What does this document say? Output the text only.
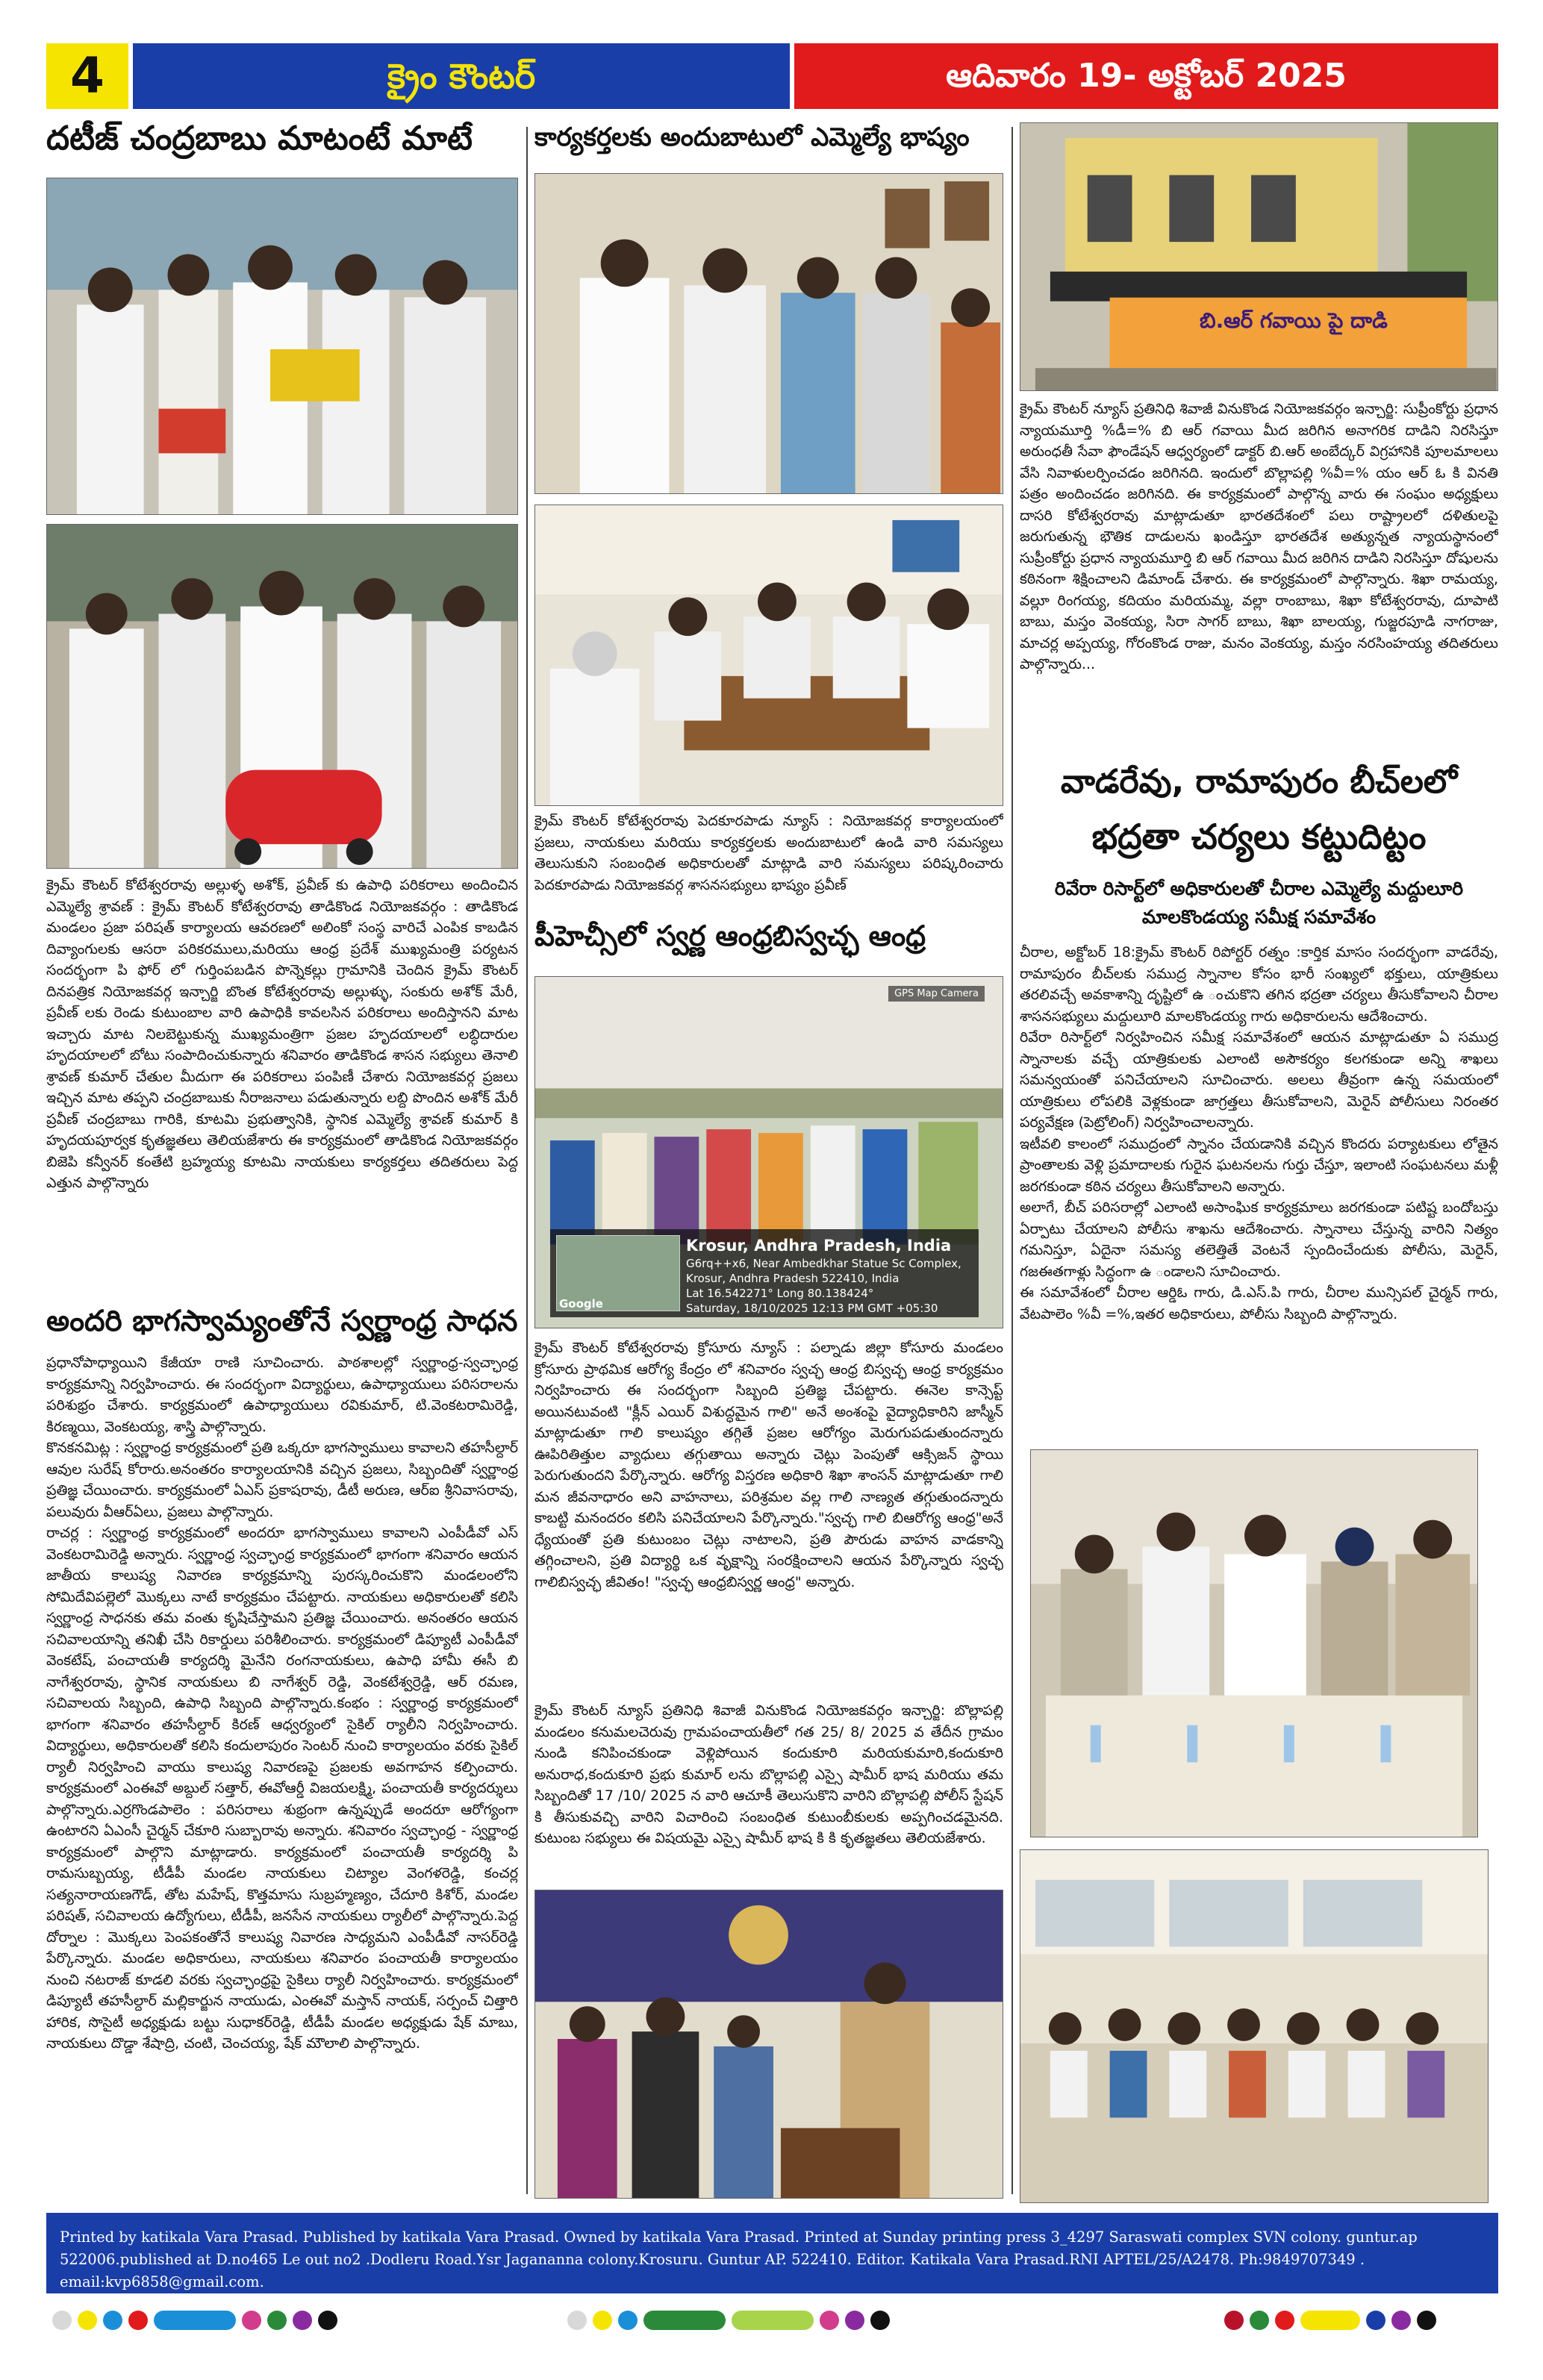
4	క్రైం కౌంటర్	ఆదివారం 19- అక్టోబర్ 2025
దటీజ్ చంద్రబాబు మాటంటే మాటే

క్రైమ్ కౌంటర్ కోటేశ్వరరావు అల్లుళ్ళ అశోక్, ప్రవీణ్ కు ఉపాధి పరికరాలు అందించిన ఎమ్మెల్యే శ్రావణ్ : క్రైమ్ కౌంటర్ కోటేశ్వరరావు తాడికొండ నియోజకవర్గం : తాడికొండ మండలం ప్రజా పరిషత్ కార్యాలయ ఆవరణలో అలింకో సంస్థ వారిచే ఎంపిక కాబడిన దివ్యాంగులకు ఆసరా పరికరములు,మరియు ఆంధ్ర ప్రదేశ్ ముఖ్యమంత్రి పర్యటన సందర్భంగా పి ఫోర్ లో గుర్తింపబడిన పొన్నెకల్లు గ్రామానికి చెందిన క్రైమ్ కౌంటర్ దినపత్రిక నియోజకవర్గ ఇన్చార్జి బొంత కోటేశ్వరరావు అల్లుళ్ళు, సంకురు అశోక్ మేరీ, ప్రవీణ్ లకు రెండు కుటుంబాల వారి ఉపాధికి కావలసిన పరికరాలు అందిస్తానని మాట ఇచ్చారు మాట నిలబెట్టుకున్న ముఖ్యమంత్రిగా ప్రజల హృదయాలలో లబ్ధిదారుల హృదయాలలో బోటు సంపాదించుకున్నారు శనివారం తాడికొండ శాసన సభ్యులు తెనాలి శ్రావణ్ కుమార్ చేతుల మీదుగా ఈ పరికరాలు పంపిణీ చేశారు నియోజకవర్గ ప్రజలు ఇచ్చిన మాట తప్పని చంద్రబాబుకు నీరాజనాలు పడుతున్నారు లబ్ది పొందిన అశోక్ మేరీ ప్రవీణ్ చంద్రబాబు గారికి, కూటమి ప్రభుత్వానికి, స్థానిక ఎమ్మెల్యే శ్రావణ్ కుమార్ కి హృదయపూర్వక కృతజ్ఞతలు తెలియజేశారు ఈ కార్యక్రమంలో తాడికొండ నియోజకవర్గం బిజెపి కన్వీనర్ కంతేటి బ్రహ్మయ్య కూటమి నాయకులు కార్యకర్తలు తదితరులు పెద్ద ఎత్తున పాల్గొన్నారు

అందరి భాగస్వామ్యంతోనే స్వర్ణాంధ్ర సాధన

ప్రధానోపాధ్యాయిని కేజీయా రాణి సూచించారు. పాఠశాలల్లో స్వర్ణాంధ్ర-స్వచ్ఛాంధ్ర కార్యక్రమాన్ని నిర్వహించారు. ఈ సందర్భంగా విద్యార్థులు, ఉపాధ్యాయులు పరిసరాలను పరిశుభ్రం చేశారు. కార్యక్రమంలో ఉపాధ్యాయులు రవికుమార్, టి.వెంకటరామిరెడ్డి, కిరణ్మయి, వెంకటయ్య, శాస్త్రి పాల్గొన్నారు.

కొనకనమిట్ల : స్వర్ణాంధ్ర కార్యక్రమంలో ప్రతి ఒక్కరూ భాగస్వాములు కావాలని తహసీల్దార్ ఆవుల సురేష్ కోరారు.అనంతరం కార్యాలయానికి వచ్చిన ప్రజలు, సిబ్బందితో స్వర్ణాంధ్ర ప్రతిజ్ఞ చేయించారు. కార్యక్రమంలో ఏఎస్ ప్రకాషరావు, డీటీ అరుణ, ఆర్ఐ శ్రీనివాసరావు, పలువురు వీఆర్ఏలు, ప్రజలు పాల్గొన్నారు.

రాచర్ల : స్వర్ణాంధ్ర కార్యక్రమంలో అందరూ భాగస్వాములు కావాలని ఎంపీడీవో ఎస్ వెంకటరామిరెడ్డి అన్నారు. స్వర్ణాంధ్ర స్వచ్ఛాంధ్ర కార్యక్రమంలో భాగంగా శనివారం ఆయన జాతీయ కాలుష్య నివారణ కార్యక్రమాన్ని పురస్కరించుకొని మండలంలోని సోమిదేవిపల్లెలో మొక్కలు నాటే కార్యక్రమం చేపట్టారు. నాయకులు అధికారులతో కలిసి స్వర్ణాంధ్ర సాధనకు తమ వంతు కృషిచేస్తామని ప్రతిజ్ఞ చేయించారు. అనంతరం ఆయన సచివాలయాన్ని తనిఖీ చేసి రికార్డులు పరిశీలించారు. కార్యక్రమంలో డిప్యూటీ ఎంపీడీవో వెంకటేష్, పంచాయతీ కార్యదర్శి మైనేని రంగనాయకులు, ఉపాధి హామీ ఈసీ బి నాగేశ్వరరావు, స్థానిక నాయకులు బి నాగేశ్వర్ రెడ్డి, వెంకటేశ్వర్రెడ్డి, ఆర్ రమణ, సచివాలయ సిబ్బంది, ఉపాధి సిబ్బంది పాల్గొన్నారు.కంభం : స్వర్ణాంధ్ర కార్యక్రమంలో భాగంగా శనివారం తహసీల్దార్ కిరణ్ ఆధ్వర్యంలో సైకిల్ ర్యాలీని నిర్వహించారు. విద్యార్థులు, అధికారులతో కలిసి కందులాపురం సెంటర్ నుంచి కార్యాలయం వరకు సైకిల్ ర్యాలీ నిర్వహించి వాయు కాలుష్య నివారణపై ప్రజలకు అవగాహన కల్పించారు. కార్యక్రమంలో ఎంఈవో అబ్దుల్ సత్తార్, ఈవోఆర్డీ విజయలక్ష్మి, పంచాయతీ కార్యదర్శులు పాల్గొన్నారు.ఎర్రగొండపాలెం : పరిసరాలు శుభ్రంగా ఉన్నప్పుడే అందరూ ఆరోగ్యంగా ఉంటారని ఏఎంసీ చైర్మన్ చేకూరి సుబ్బారావు అన్నారు. శనివారం స్వచ్ఛాంధ్ర - స్వర్ణాంధ్ర కార్యక్రమంలో పాల్గొని మాట్లాడారు. కార్యక్రమంలో పంచాయతీ కార్యదర్శి పి రామసుబ్బయ్య, టీడీపీ మండల నాయకులు చిట్యాల వెంగళరెడ్డి, కంచర్ల సత్యనారాయణగౌడ్, తోట మహేష్, కొత్తమాసు సుబ్రహ్మణ్యం, చేదూరి కిశోర్, మండల పరిషత్, సచివాలయ ఉద్యోగులు, టీడీపీ, జనసేన నాయకులు ర్యాలీలో పాల్గొన్నారు.పెద్ద దోర్నాల : మొక్కలు పెంపకంతోనే కాలుష్య నివారణ సాధ్యమని ఎంపీడీవో నాసర్‌రెడ్డి పేర్కొన్నారు. మండల అధికారులు, నాయకులు శనివారం పంచాయతీ కార్యాలయం నుంచి నటరాజ్ కూడలి వరకు స్వచ్ఛాంధ్రపై సైకిలు ర్యాలీ నిర్వహించారు. కార్యక్రమంలో డిప్యూటీ తహసీల్దార్ మల్లికార్జున నాయుడు, ఎంఈవో మస్తాన్ నాయక్, సర్పంచ్ చిత్తారి హారిక, సొసైటీ అధ్యక్షుడు బట్టు సుధాకర్‌రెడ్డి, టీడీపీ మండల అధ్యక్షుడు షేక్ మాబు, నాయకులు దొడ్డా శేషాద్రి, చంటి, చెంచయ్య, షేక్ మౌలాలి పాల్గొన్నారు.

కార్యకర్తలకు అందుబాటులో ఎమ్మెల్యే భాష్యం

క్రైమ్ కౌంటర్ కోటేశ్వరరావు పెదకూరపాడు న్యూస్ : నియోజకవర్గ కార్యాలయంలో ప్రజలు, నాయకులు మరియు కార్యకర్తలకు అందుబాటులో ఉండి వారి సమస్యలు తెలుసుకుని సంబంధిత అధికారులతో మాట్లాడి వారి సమస్యలు పరిష్కరించారు పెదకూరపాడు నియోజకవర్గ శాసనసభ్యులు భాష్యం ప్రవీణ్

పీహెచ్సీలో స్వర్ణ ఆంధ్రబిస్వచ్ఛ ఆంధ్ర
GPS Map Camera
Krosur, Andhra Pradesh, India
G6rq++x6, Near Ambedkhar Statue Sc Complex,
Krosur, Andhra Pradesh 522410, India
Lat 16.542271° Long 80.138424°
Saturday, 18/10/2025 12:13 PM GMT +05:30
Google

క్రైమ్ కౌంటర్ కోటేశ్వరరావు క్రోసూరు న్యూస్ : పల్నాడు జిల్లా కోసూరు మండలం క్రోసూరు ప్రాథమిక ఆరోగ్య కేంద్రం లో శనివారం స్వచ్ఛ ఆంధ్ర బిస్వచ్ఛ ఆంధ్ర కార్యక్రమం నిర్వహించారు ఈ సందర్భంగా సిబ్బంది ప్రతిజ్ఞ చేపట్టారు. ఈనెల కాన్సెప్ట్ అయినటువంటి "క్లీన్ ఎయిర్ విశుద్ధమైన గాలి" అనే అంశంపై వైద్యాధికారిని జాస్మీన్ మాట్లాడుతూ గాలి కాలుష్యం తగ్గితే ప్రజల ఆరోగ్యం మెరుగుపడుతుందన్నారు ఊపిరితిత్తుల వ్యాధులు తగ్గుతాయి అన్నారు చెట్లు పెంపుతో ఆక్సిజన్ స్థాయి పెరుగుతుందని పేర్కొన్నారు. ఆరోగ్య విస్తరణ అధికారి శిఖా శాంసన్ మాట్లాడుతూ గాలి మన జీవనాధారం అని వాహనాలు, పరిశ్రమల వల్ల గాలి నాణ్యత తగ్గుతుందన్నారు కాబట్టి మనందరం కలిసి పనిచేయాలని పేర్కొన్నారు."స్వచ్ఛ గాలి బిఆరోగ్య ఆంధ్ర"అనే ధ్యేయంతో ప్రతి కుటుంబం చెట్లు నాటాలని, ప్రతి పౌరుడు వాహన వాడకాన్ని తగ్గించాలని, ప్రతి విద్యార్థి ఒక వృక్షాన్ని సంరక్షించాలని ఆయన పేర్కొన్నారు స్వచ్ఛ గాలిబిస్వచ్ఛ జీవితం! "స్వచ్ఛ ఆంధ్రబిస్వర్ణ ఆంధ్ర" అన్నారు.

క్రైమ్ కౌంటర్ న్యూస్ ప్రతినిధి శివాజీ వినుకొండ నియోజకవర్గం ఇన్చార్జి: బొల్లాపల్లి మండలం కనుమలచెరువు గ్రామపంచాయతీలో గత 25/ 8/ 2025 వ తేదీన గ్రామం నుండి కనిపించకుండా వెళ్లిపోయిన కందుకూరి మరియకుమారి,కందుకూరి అనురాధ,కందుకూరి ప్రభు కుమార్ లను బొల్లాపల్లి ఎస్సై షామీర్ భాష మరియు తమ సిబ్బందితో 17 /10/ 2025 న వారి ఆచూకీ తెలుసుకొని వారిని బొల్లాపల్లి పోలీస్ స్టేషన్ కి తీసుకువచ్చి వారిని విచారించి సంబంధిత కుటుంబీకులకు అప్పగించడమైనది. కుటుంబ సభ్యులు ఈ విషయమై ఎస్సై షామీర్ భాష కి కి కృతజ్ఞతలు తెలియజేశారు.

బి.ఆర్ గవాయి పై దాడి

క్రైమ్ కౌంటర్ న్యూస్ ప్రతినిధి శివాజీ వినుకొండ నియోజకవర్గం ఇన్చార్జి: సుప్రీంకోర్టు ప్రధాన న్యాయమూర్తి %డీ=% బి ఆర్ గవాయి మీద జరిగిన అనాగరిక దాడిని నిరసిస్తూ అరుంధతీ సేవా ఫౌండేషన్ ఆధ్వర్యంలో డాక్టర్ బి.ఆర్ అంబేద్కర్ విగ్రహానికి పూలమాలలు వేసి నివాళులర్పించడం జరిగినది. ఇందులో బొల్లాపల్లి %వీ=% యం ఆర్ ఓ కి వినతి పత్రం అందించడం జరిగినది. ఈ కార్యక్రమంలో పాల్గొన్న వారు ఈ సంఘం అధ్యక్షులు దాసరి కోటేశ్వరరావు మాట్లాడుతూ భారతదేశంలో పలు రాష్ట్రాలలో దళితులపై జరుగుతున్న భౌతిక దాడులను ఖండిస్తూ భారతదేశ అత్యున్నత న్యాయస్థానంలో సుప్రీంకోర్టు ప్రధాన న్యాయమూర్తి బి ఆర్ గవాయి మీద జరిగిన దాడిని నిరసిస్తూ దోషులను కఠినంగా శిక్షించాలని డిమాండ్ చేశారు. ఈ కార్యక్రమంలో పాల్గొన్నారు. శిఖా రామయ్య, వల్లూ రింగయ్య, కదియం మరియమ్మ, వల్లా రాంబాబు, శిఖా కోటేశ్వరరావు, దూపాటి బాబు, మస్తం వెంకయ్య, సిరా సాగర్ బాబు, శిఖా బాలయ్య, గుజ్జరపూడి నాగరాజు, మాచర్ల అప్పయ్య, గోరంకొండ రాజు, మనం వెంకయ్య, మస్తం నరసింహయ్య తదితరులు పాల్గొన్నారు...

వాడరేవు, రామాపురం బీచ్‌లలో
భద్రతా చర్యలు కట్టుదిట్టం
రివేరా రిసార్ట్‌లో అధికారులతో చీరాల ఎమ్మెల్యే మద్దులూరి
మాలకొండయ్య సమీక్ష సమావేశం

చీరాల, అక్టోబర్ 18:క్రైమ్ కౌంటర్ రిపోర్టర్ రత్నం :కార్తిక మాసం సందర్భంగా వాడరేవు, రామాపురం బీచ్‌లకు సముద్ర స్నానాల కోసం భారీ సంఖ్యలో భక్తులు, యాత్రికులు తరలివచ్చే అవకాశాన్ని దృష్టిలో ఉ ంచుకొని తగిన భద్రతా చర్యలు తీసుకోవాలని చీరాల శాసనసభ్యులు మద్దులూరి మాలకొండయ్య గారు అధికారులను ఆదేశించారు.

రివేరా రిసార్ట్‌లో నిర్వహించిన సమీక్ష సమావేశంలో ఆయన మాట్లాడుతూ ఏ సముద్ర స్నానాలకు వచ్చే యాత్రికులకు ఎలాంటి అసౌకర్యం కలగకుండా అన్ని శాఖలు సమన్వయంతో పనిచేయాలని సూచించారు. అలలు తీవ్రంగా ఉన్న సమయంలో యాత్రికులు లోపలికి వెళ్లకుండా జాగ్రత్తలు తీసుకోవాలని, మెరైన్ పోలీసులు నిరంతర పర్యవేక్షణ (పెట్రోలింగ్) నిర్వహించాలన్నారు.

ఇటీవలి కాలంలో సముద్రంలో స్నానం చేయడానికి వచ్చిన కొందరు పర్యాటకులు లోతైన ప్రాంతాలకు వెళ్లి ప్రమాదాలకు గురైన ఘటనలను గుర్తు చేస్తూ, ఇలాంటి సంఘటనలు మళ్లీ జరగకుండా కఠిన చర్యలు తీసుకోవాలని అన్నారు.

అలాగే, బీచ్ పరిసరాల్లో ఎలాంటి అసాంఘిక కార్యక్రమాలు జరగకుండా పటిష్ట బందోబస్తు ఏర్పాటు చేయాలని పోలీసు శాఖను ఆదేశించారు. స్నానాలు చేస్తున్న వారిని నిత్యం గమనిస్తూ, ఏదైనా సమస్య తలెత్తితే వెంటనే స్పందించేందుకు పోలీసు, మెరైన్, గజఈతగాళ్లు సిద్ధంగా ఉ ండాలని సూచించారు.

ఈ సమావేశంలో చీరాల ఆర్డిఓ గారు, డి.ఎస్.పి గారు, చీరాల మున్సిపల్ చైర్మన్ గారు, వేటపాలెం %వీ =%,ఇతర అధికారులు, పోలీసు సిబ్బంది పాల్గొన్నారు.

Printed by katikala Vara Prasad. Published by katikala Vara Prasad. Owned by katikala Vara Prasad. Printed at Sunday printing press 3_4297 Saraswati complex SVN colony. guntur.ap 522006.published at D.no465 Le out no2 .Dodleru Road.Ysr Jagananna colony.Krosuru. Guntur AP. 522410. Editor. Katikala Vara Prasad.RNI APTEL/25/A2478. Ph:9849707349 . email:kvp6858@gmail.com.
